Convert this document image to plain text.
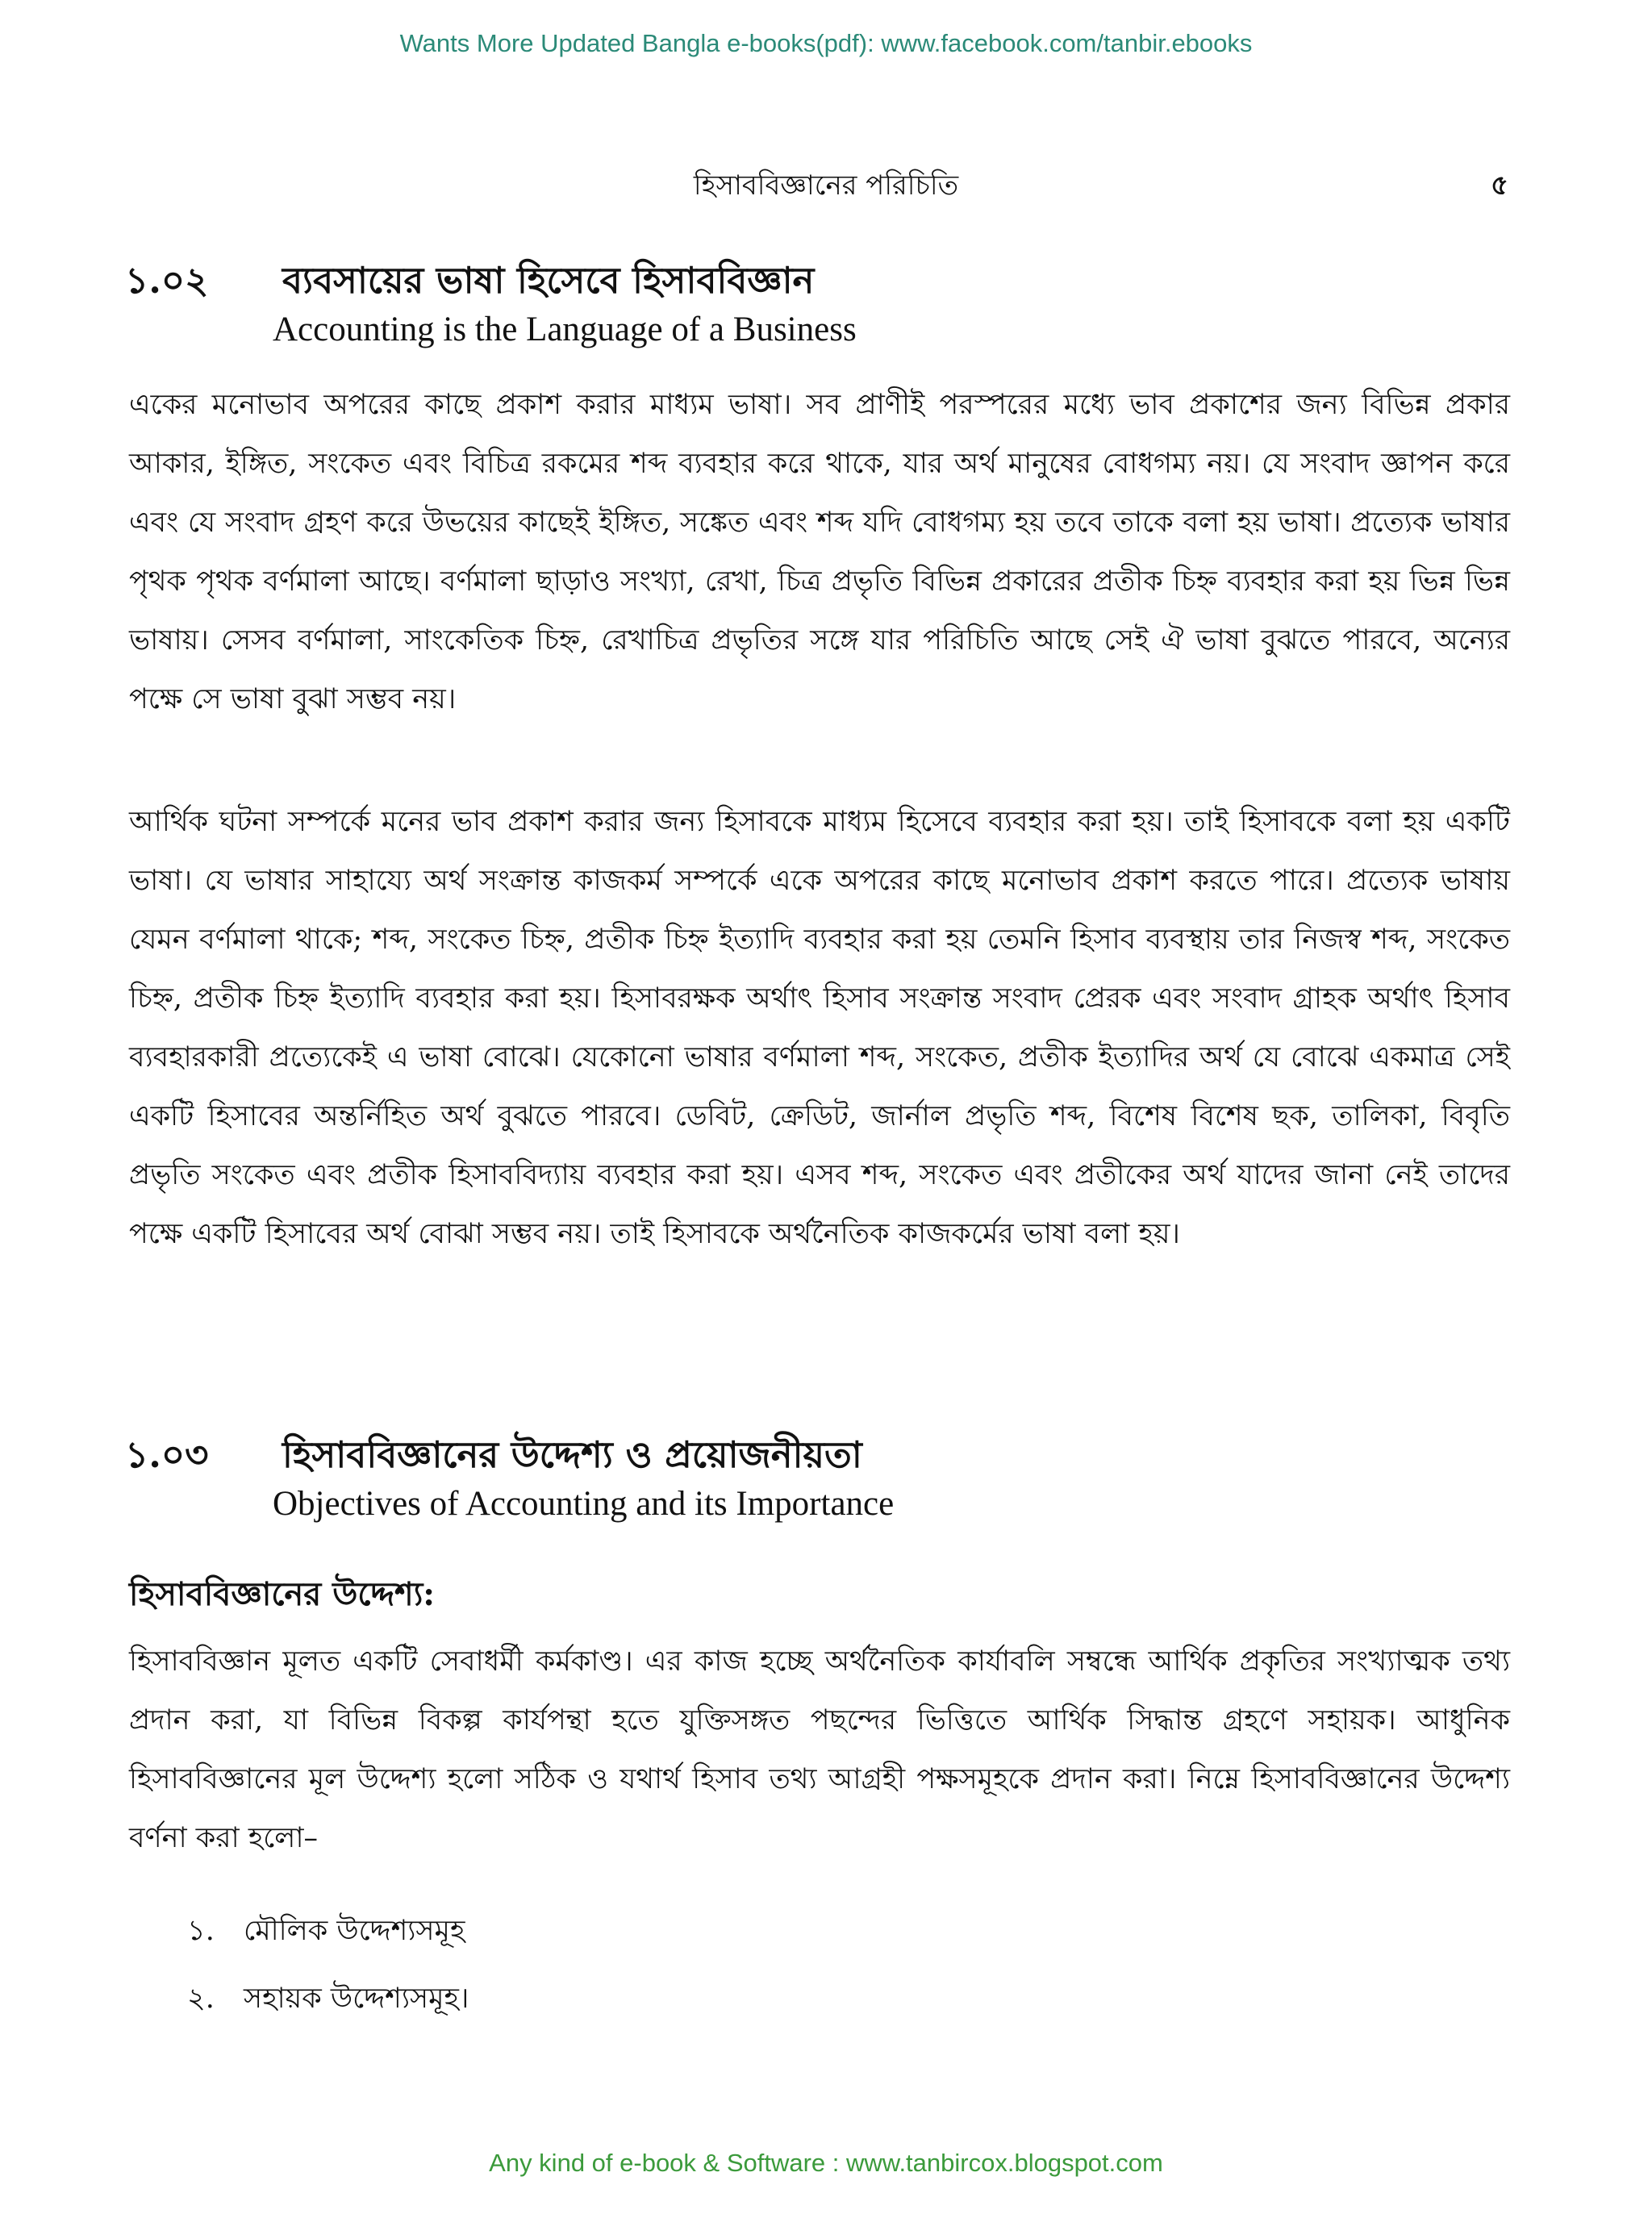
Wants More Updated Bangla e-books(pdf): www.facebook.com/tanbir.ebooks
হিসাববিজ্ঞানের পরিচিতি	৫
১.০২ ব্যবসায়ের ভাষা হিসেবে হিসাববিজ্ঞান
Accounting is the Language of a Business
একের মনোভাব অপরের কাছে প্রকাশ করার মাধ্যম ভাষা। সব প্রাণীই পরস্পরের মধ্যে ভাব প্রকাশের জন্য বিভিন্ন প্রকার আকার, ইঙ্গিত, সংকেত এবং বিচিত্র রকমের শব্দ ব্যবহার করে থাকে, যার অর্থ মানুষের বোধগম্য নয়। যে সংবাদ জ্ঞাপন করে এবং যে সংবাদ গ্রহণ করে উভয়ের কাছেই ইঙ্গিত, সঙ্কেত এবং শব্দ যদি বোধগম্য হয় তবে তাকে বলা হয় ভাষা। প্রত্যেক ভাষার পৃথক পৃথক বর্ণমালা আছে। বর্ণমালা ছাড়াও সংখ্যা, রেখা, চিত্র প্রভৃতি বিভিন্ন প্রকারের প্রতীক চিহ্ন ব্যবহার করা হয় ভিন্ন ভিন্ন ভাষায়। সেসব বর্ণমালা, সাংকেতিক চিহ্ন, রেখাচিত্র প্রভৃতির সঙ্গে যার পরিচিতি আছে সেই ঐ ভাষা বুঝতে পারবে, অন্যের পক্ষে সে ভাষা বুঝা সম্ভব নয়।
আর্থিক ঘটনা সম্পর্কে মনের ভাব প্রকাশ করার জন্য হিসাবকে মাধ্যম হিসেবে ব্যবহার করা হয়। তাই হিসাবকে বলা হয় একটি ভাষা। যে ভাষার সাহায্যে অর্থ সংক্রান্ত কাজকর্ম সম্পর্কে একে অপরের কাছে মনোভাব প্রকাশ করতে পারে। প্রত্যেক ভাষায় যেমন বর্ণমালা থাকে; শব্দ, সংকেত চিহ্ন, প্রতীক চিহ্ন ইত্যাদি ব্যবহার করা হয় তেমনি হিসাব ব্যবস্থায় তার নিজস্ব শব্দ, সংকেত চিহ্ন, প্রতীক চিহ্ন ইত্যাদি ব্যবহার করা হয়। হিসাবরক্ষক অর্থাৎ হিসাব সংক্রান্ত সংবাদ প্রেরক এবং সংবাদ গ্রাহক অর্থাৎ হিসাব ব্যবহারকারী প্রত্যেকেই এ ভাষা বোঝে। যেকোনো ভাষার বর্ণমালা শব্দ, সংকেত, প্রতীক ইত্যাদির অর্থ যে বোঝে একমাত্র সেই একটি হিসাবের অন্তর্নিহিত অর্থ বুঝতে পারবে। ডেবিট, ক্রেডিট, জার্নাল প্রভৃতি শব্দ, বিশেষ বিশেষ ছক, তালিকা, বিবৃতি প্রভৃতি সংকেত এবং প্রতীক হিসাববিদ্যায় ব্যবহার করা হয়। এসব শব্দ, সংকেত এবং প্রতীকের অর্থ যাদের জানা নেই তাদের পক্ষে একটি হিসাবের অর্থ বোঝা সম্ভব নয়। তাই হিসাবকে অর্থনৈতিক কাজকর্মের ভাষা বলা হয়।
১.০৩ হিসাববিজ্ঞানের উদ্দেশ্য ও প্রয়োজনীয়তা
Objectives of Accounting and its Importance
হিসাববিজ্ঞানের উদ্দেশ্য:
হিসাববিজ্ঞান মূলত একটি সেবাধর্মী কর্মকাণ্ড। এর কাজ হচ্ছে অর্থনৈতিক কার্যাবলি সম্বন্ধে আর্থিক প্রকৃতির সংখ্যাত্মক তথ্য প্রদান করা, যা বিভিন্ন বিকল্প কার্যপন্থা হতে যুক্তিসঙ্গত পছন্দের ভিত্তিতে আর্থিক সিদ্ধান্ত গ্রহণে সহায়ক। আধুনিক হিসাববিজ্ঞানের মূল উদ্দেশ্য হলো সঠিক ও যথার্থ হিসাব তথ্য আগ্রহী পক্ষসমূহকে প্রদান করা। নিম্নে হিসাববিজ্ঞানের উদ্দেশ্য বর্ণনা করা হলো–
১. মৌলিক উদ্দেশ্যসমূহ
২. সহায়ক উদ্দেশ্যসমূহ।
Any kind of e-book & Software : www.tanbircox.blogspot.com
